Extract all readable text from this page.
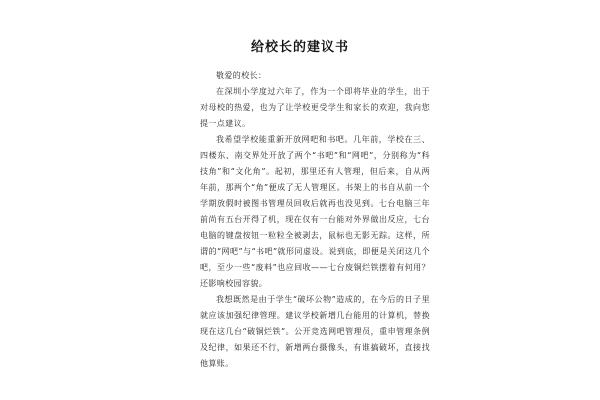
给校长的建议书

敬爱的校长：

在深圳小学度过六年了，作为一个即将毕业的学生，出于对母校的热爱，也为了让学校更受学生和家长的欢迎，我向您提一点建议。

我希望学校能重新开放网吧和书吧。几年前，学校在三、四楼东、南交界处开放了两个“书吧”和“网吧”，分别称为“科技角”和“文化角”。起初，那里还有人管理，但后来，自从两年前，那两个“角”便成了无人管理区。书架上的书自从前一个学期放假时被图书管理员回收后就再也没见到。七台电脑三年前尚有五台开得了机，现在仅有一台能对外界做出反应，七台电脑的键盘按钮一粒粒全被剥去，鼠标也无影无踪。这样，所谓的“网吧”与“书吧”就形同虚设。说到底，即便是关闭这几个吧，至少一些“废料”也应回收——七台废铜烂铁摆着有何用？还影响校园容貌。

我想既然是由于学生“破坏公物”造成的，在今后的日子里就应该加强纪律管理。建议学校新增几台能用的计算机，替换现在这几台“破铜烂铁”。公开竞选网吧管理员，重申管理条例及纪律，如果还不行，新增两台摄像头，有谁搞破坏，直接找他算账。
